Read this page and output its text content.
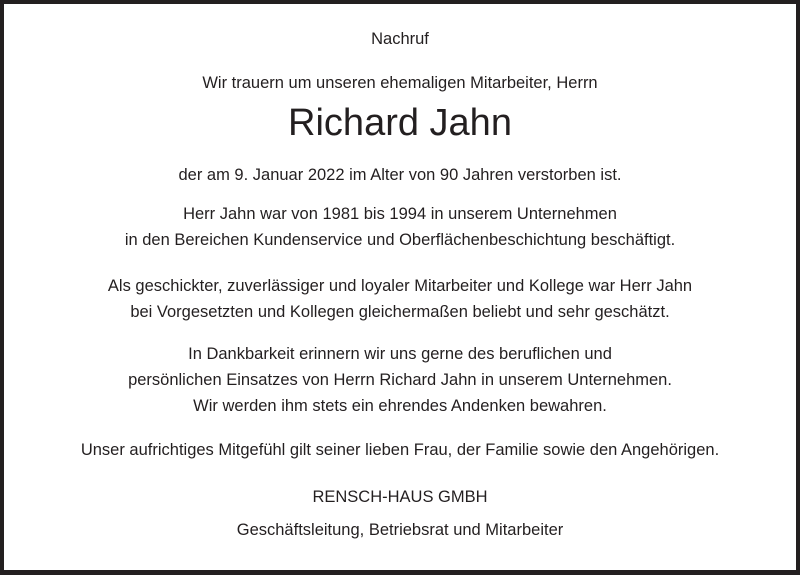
Nachruf
Wir trauern um unseren ehemaligen Mitarbeiter, Herrn
Richard Jahn
der am 9. Januar 2022 im Alter von 90 Jahren verstorben ist.
Herr Jahn war von 1981 bis 1994 in unserem Unternehmen
in den Bereichen Kundenservice und Oberflächenbeschichtung beschäftigt.
Als geschickter, zuverlässiger und loyaler Mitarbeiter und Kollege war Herr Jahn
bei Vorgesetzten und Kollegen gleichermaßen beliebt und sehr geschätzt.
In Dankbarkeit erinnern wir uns gerne des beruflichen und
persönlichen Einsatzes von Herrn Richard Jahn in unserem Unternehmen.
Wir werden ihm stets ein ehrendes Andenken bewahren.
Unser aufrichtiges Mitgefühl gilt seiner lieben Frau, der Familie sowie den Angehörigen.
RENSCH-HAUS GMBH
Geschäftsleitung, Betriebsrat und Mitarbeiter
